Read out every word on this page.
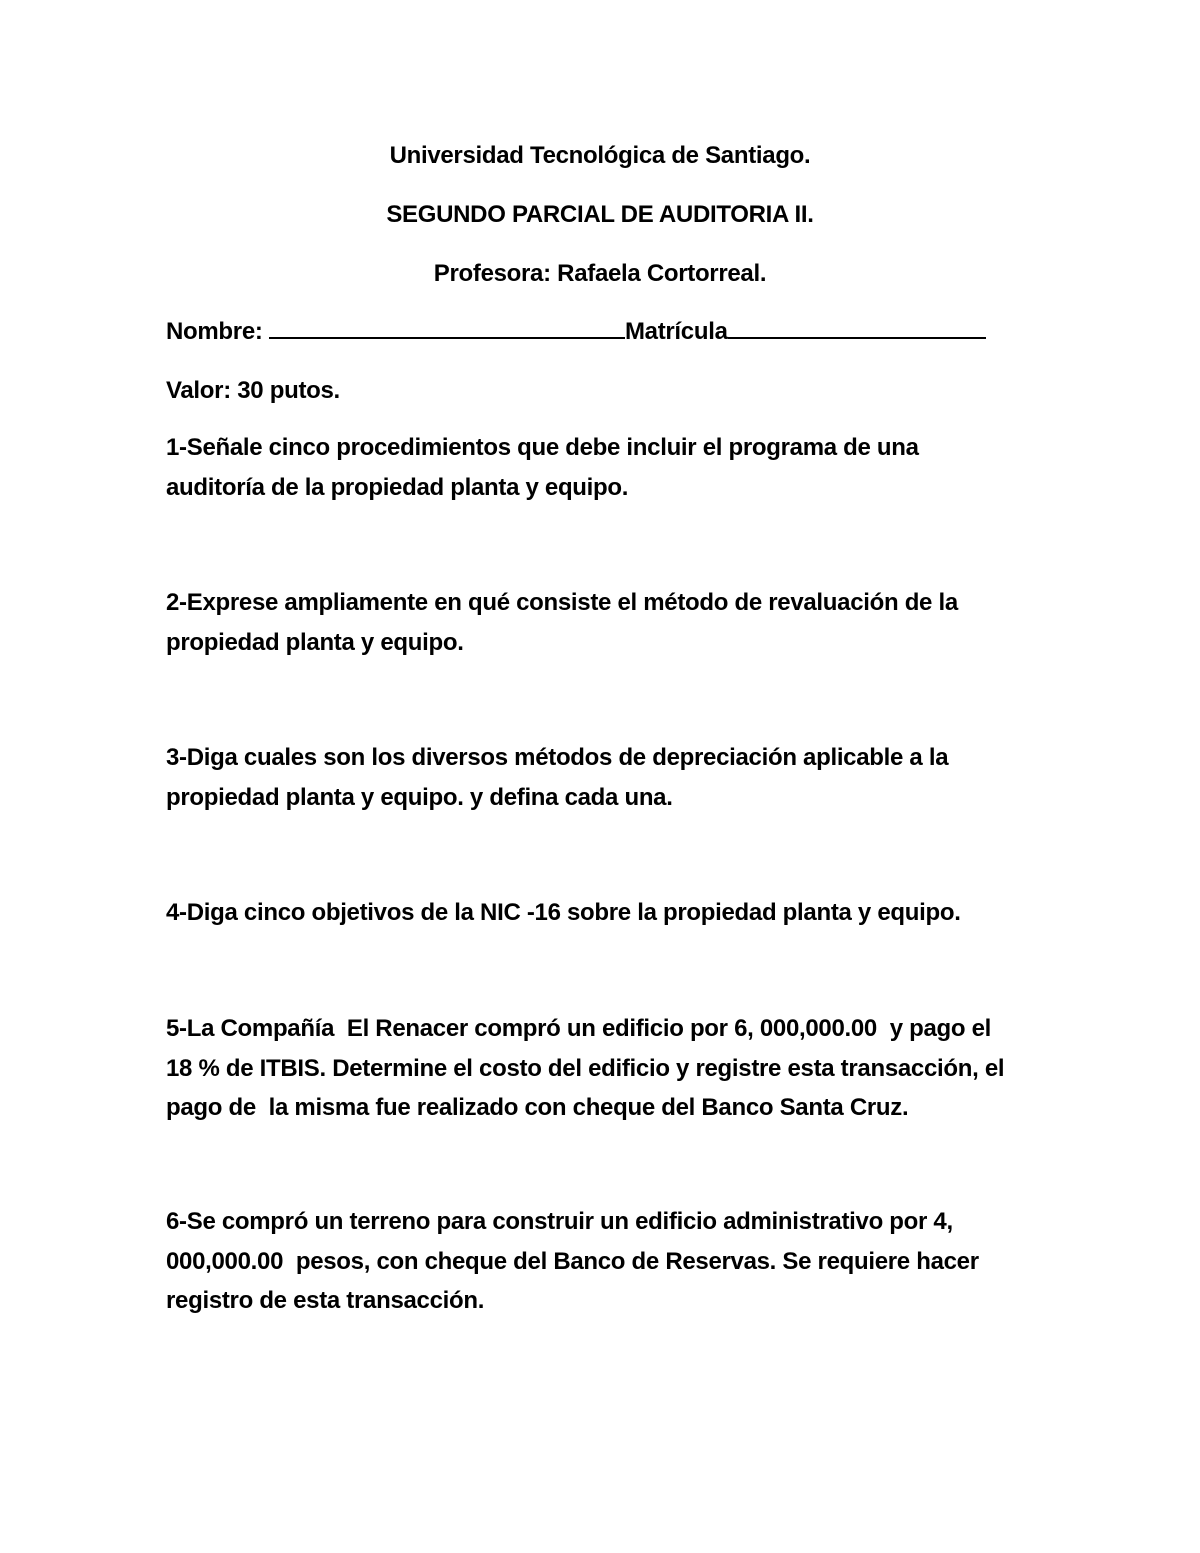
Universidad Tecnológica de Santiago.
SEGUNDO PARCIAL DE AUDITORIA II.
Profesora: Rafaela Cortorreal.
Nombre:	Matrícula
Valor: 30 putos.
1-Señale cinco procedimientos que debe incluir el programa de una
auditoría de la propiedad planta y equipo.
2-Exprese ampliamente en qué consiste el método de revaluación de la
propiedad planta y equipo.
3-Diga cuales son los diversos métodos de depreciación aplicable a la
propiedad planta y equipo. y defina cada una.
4-Diga cinco objetivos de la NIC -16 sobre la propiedad planta y equipo.
5-La Compañía  El Renacer compró un edificio por 6, 000,000.00  y pago el
18 % de ITBIS. Determine el costo del edificio y registre esta transacción, el
pago de  la misma fue realizado con cheque del Banco Santa Cruz.
6-Se compró un terreno para construir un edificio administrativo por 4,
000,000.00  pesos, con cheque del Banco de Reservas. Se requiere hacer
registro de esta transacción.
